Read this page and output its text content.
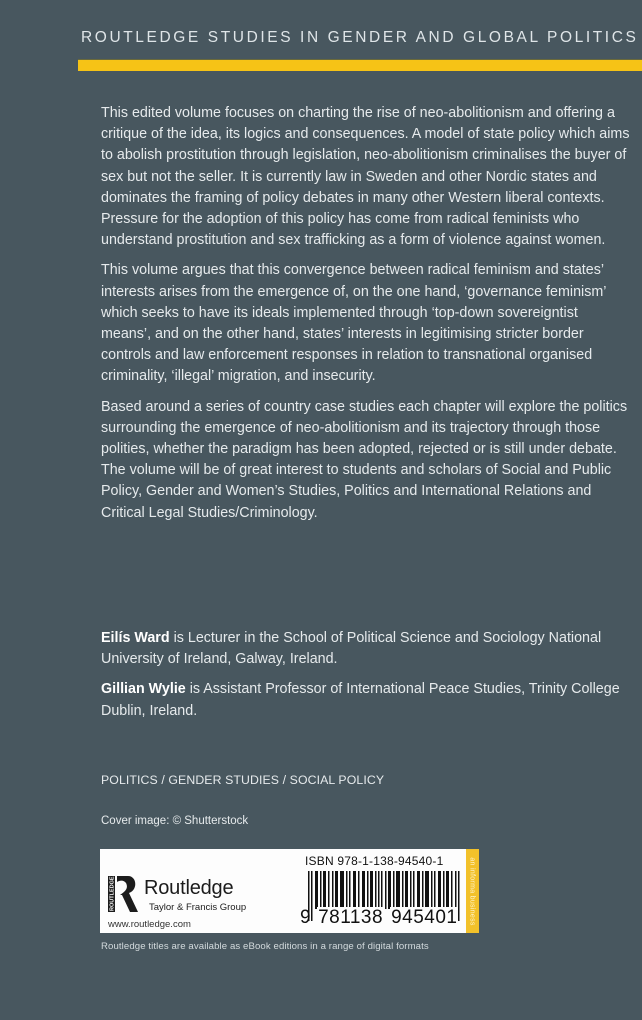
ROUTLEDGE STUDIES IN GENDER AND GLOBAL POLITICS

This edited volume focuses on charting the rise of neo-abolitionism and offering a critique of the idea, its logics and consequences. A model of state policy which aims to abolish prostitution through legislation, neo-abolitionism criminalises the buyer of sex but not the seller. It is currently law in Sweden and other Nordic states and dominates the framing of policy debates in many other Western liberal contexts. Pressure for the adoption of this policy has come from radical feminists who understand prostitution and sex trafficking as a form of violence against women.

This volume argues that this convergence between radical feminism and states’ interests arises from the emergence of, on the one hand, ‘governance feminism’ which seeks to have its ideals implemented through ‘top-down sovereigntist means’, and on the other hand, states’ interests in legitimising stricter border controls and law enforcement responses in relation to transnational organised criminality, ‘illegal’ migration, and insecurity.

Based around a series of country case studies each chapter will explore the politics surrounding the emergence of neo-abolitionism and its trajectory through those polities, whether the paradigm has been adopted, rejected or is still under debate. The volume will be of great interest to students and scholars of Social and Public Policy, Gender and Women’s Studies, Politics and International Relations and Critical Legal Studies/Criminology.

Eilís Ward is Lecturer in the School of Political Science and Sociology National University of Ireland, Galway, Ireland.

Gillian Wylie is Assistant Professor of International Peace Studies, Trinity College Dublin, Ireland.

POLITICS / GENDER STUDIES / SOCIAL POLICY
Cover image: © Shutterstock
ROUTLEDGE Routledge
Taylor & Francis Group
www.routledge.com
ISBN 978-1-138-94540-1
9 781138 945401 an informa business
Routledge titles are available as eBook editions in a range of digital formats
